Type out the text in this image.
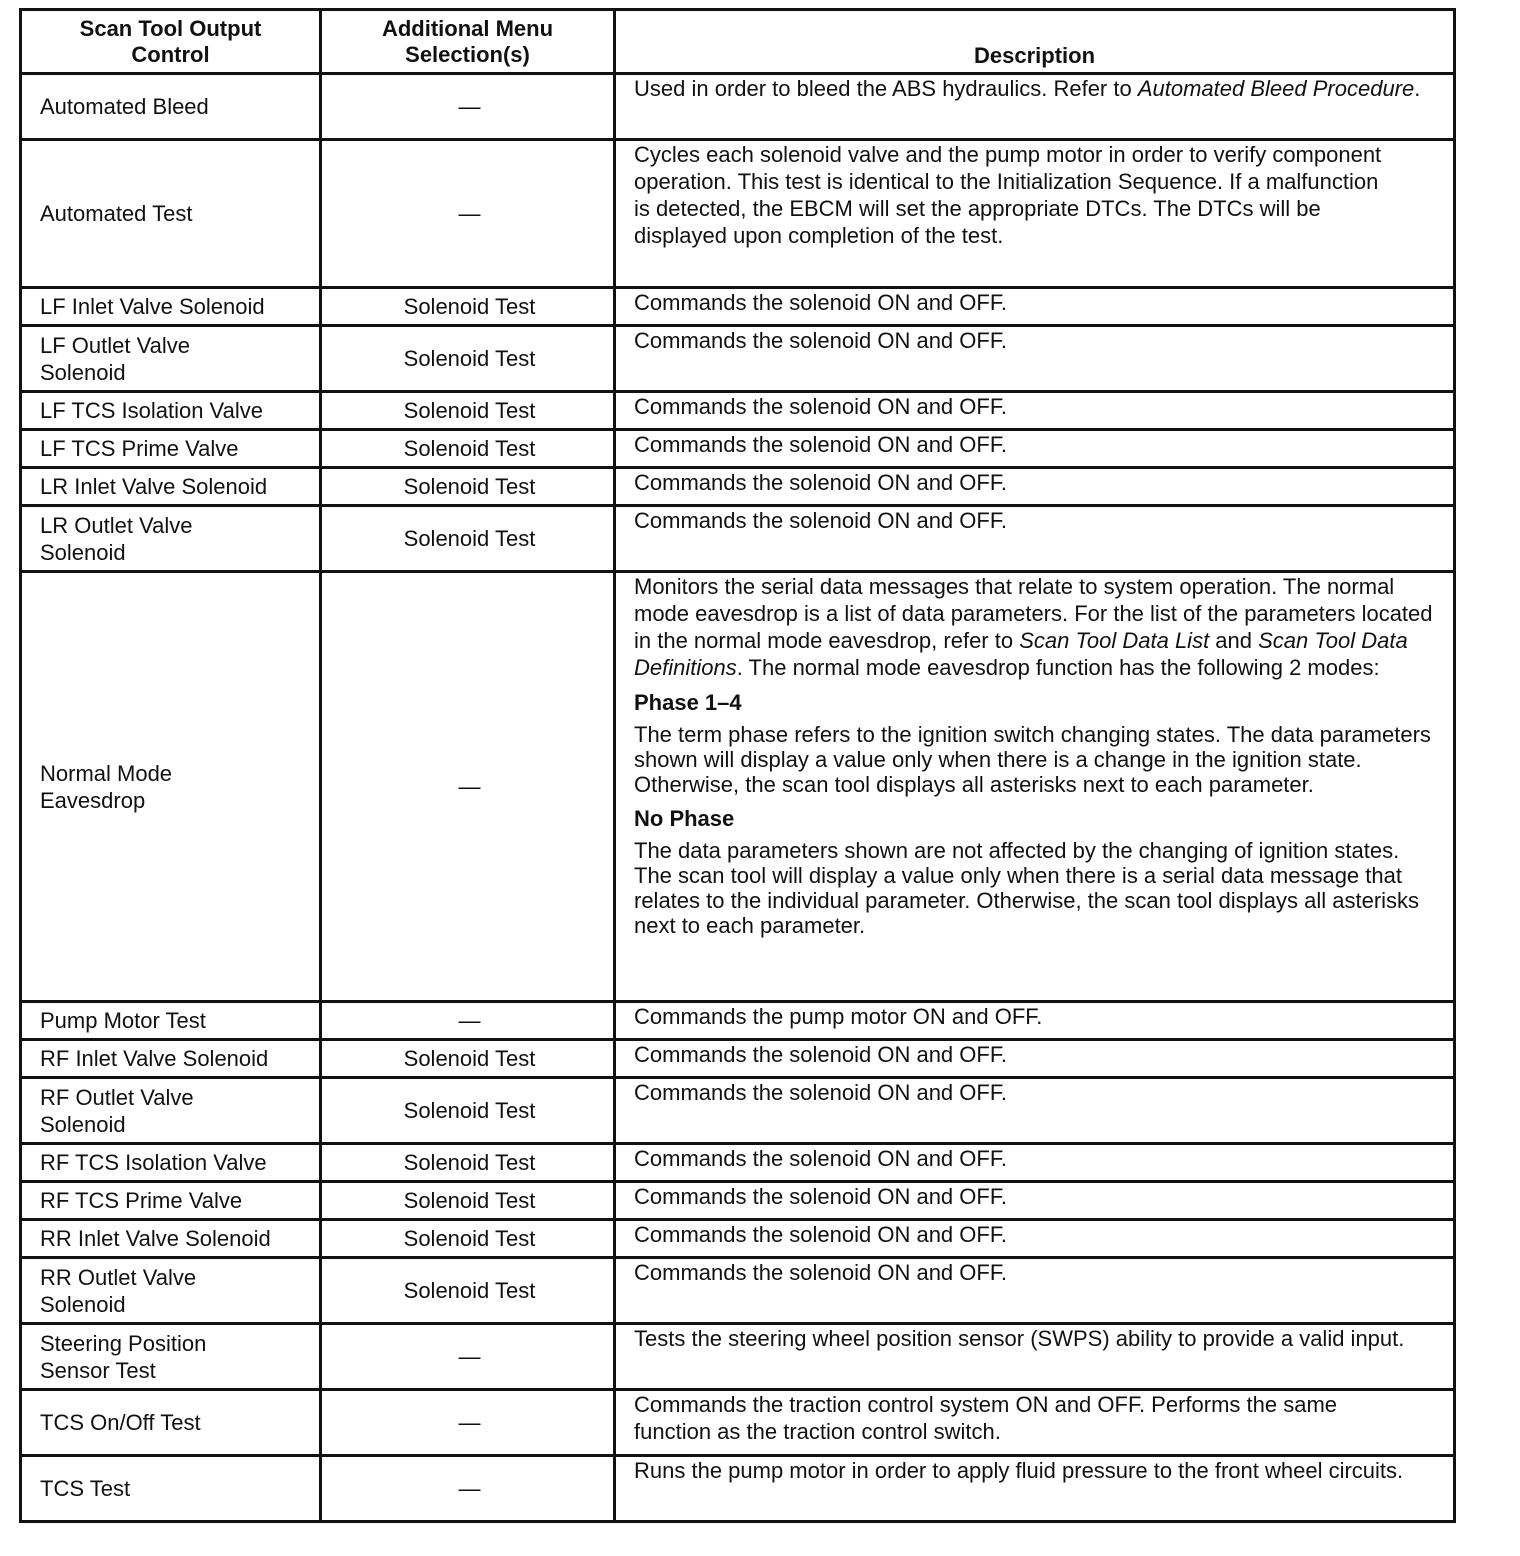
Scan Tool Output Control	Additional Menu Selection(s)	Description
Automated Bleed	—	Used in order to bleed the ABS hydraulics. Refer to Automated Bleed Procedure.
Automated Test	—	Cycles each solenoid valve and the pump motor in order to verify component operation. This test is identical to the Initialization Sequence. If a malfunction is detected, the EBCM will set the appropriate DTCs. The DTCs will be displayed upon completion of the test.
LF Inlet Valve Solenoid	Solenoid Test	Commands the solenoid ON and OFF.
LF Outlet Valve Solenoid	Solenoid Test	Commands the solenoid ON and OFF.
LF TCS Isolation Valve	Solenoid Test	Commands the solenoid ON and OFF.
LF TCS Prime Valve	Solenoid Test	Commands the solenoid ON and OFF.
LR Inlet Valve Solenoid	Solenoid Test	Commands the solenoid ON and OFF.
LR Outlet Valve Solenoid	Solenoid Test	Commands the solenoid ON and OFF.
Normal Mode Eavesdrop	—	Monitors the serial data messages that relate to system operation. The normal mode eavesdrop is a list of data parameters. For the list of the parameters located in the normal mode eavesdrop, refer to Scan Tool Data List and Scan Tool Data Definitions. The normal mode eavesdrop function has the following 2 modes:

Phase 1–4

The term phase refers to the ignition switch changing states. The data parameters shown will display a value only when there is a change in the ignition state. Otherwise, the scan tool displays all asterisks next to each parameter.

No Phase

The data parameters shown are not affected by the changing of ignition states. The scan tool will display a value only when there is a serial data message that relates to the individual parameter. Otherwise, the scan tool displays all asterisks next to each parameter.

Pump Motor Test	—	Commands the pump motor ON and OFF.
RF Inlet Valve Solenoid	Solenoid Test	Commands the solenoid ON and OFF.
RF Outlet Valve Solenoid	Solenoid Test	Commands the solenoid ON and OFF.
RF TCS Isolation Valve	Solenoid Test	Commands the solenoid ON and OFF.
RF TCS Prime Valve	Solenoid Test	Commands the solenoid ON and OFF.
RR Inlet Valve Solenoid	Solenoid Test	Commands the solenoid ON and OFF.
RR Outlet Valve Solenoid	Solenoid Test	Commands the solenoid ON and OFF.
Steering Position Sensor Test	—	Tests the steering wheel position sensor (SWPS) ability to provide a valid input.
TCS On/Off Test	—	Commands the traction control system ON and OFF. Performs the same function as the traction control switch.
TCS Test	—	Runs the pump motor in order to apply fluid pressure to the front wheel circuits.
